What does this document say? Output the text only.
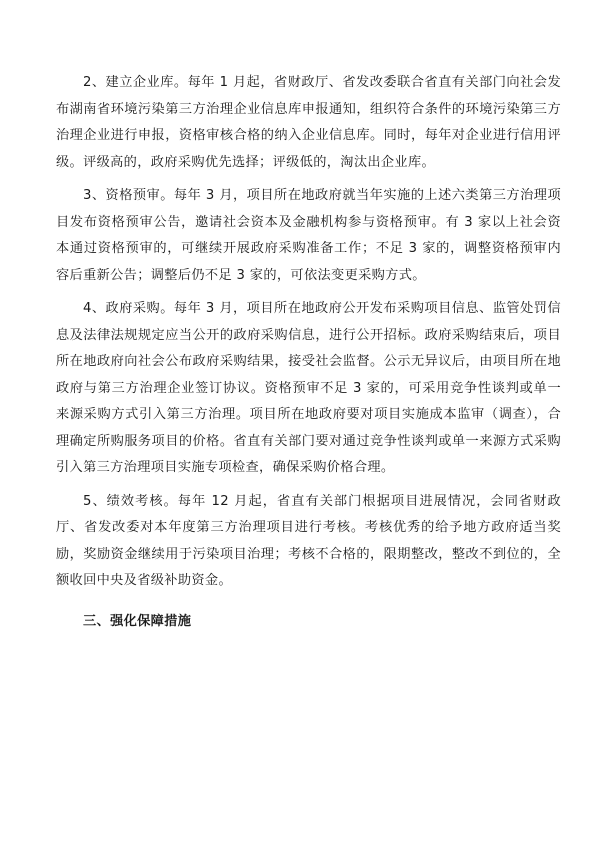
2、建立企业库。每年 1 月起，省财政厅、省发改委联合省直有关部门向社会发布湖南省环境污染第三方治理企业信息库申报通知，组织符合条件的环境污染第三方治理企业进行申报，资格审核合格的纳入企业信息库。同时，每年对企业进行信用评级。评级高的，政府采购优先选择；评级低的，淘汰出企业库。

3、资格预审。每年 3 月，项目所在地政府就当年实施的上述六类第三方治理项目发布资格预审公告，邀请社会资本及金融机构参与资格预审。有 3 家以上社会资本通过资格预审的，可继续开展政府采购准备工作；不足 3 家的，调整资格预审内容后重新公告；调整后仍不足 3 家的，可依法变更采购方式。

4、政府采购。每年 3 月，项目所在地政府公开发布采购项目信息、监管处罚信息及法律法规规定应当公开的政府采购信息，进行公开招标。政府采购结束后，项目所在地政府向社会公布政府采购结果，接受社会监督。公示无异议后，由项目所在地政府与第三方治理企业签订协议。资格预审不足 3 家的，可采用竞争性谈判或单一来源采购方式引入第三方治理。项目所在地政府要对项目实施成本监审（调查），合理确定所购服务项目的价格。省直有关部门要对通过竞争性谈判或单一来源方式采购引入第三方治理项目实施专项检查，确保采购价格合理。

5、绩效考核。每年 12 月起，省直有关部门根据项目进展情况，会同省财政厅、省发改委对本年度第三方治理项目进行考核。考核优秀的给予地方政府适当奖励，奖励资金继续用于污染项目治理；考核不合格的，限期整改，整改不到位的，全额收回中央及省级补助资金。

三、强化保障措施
